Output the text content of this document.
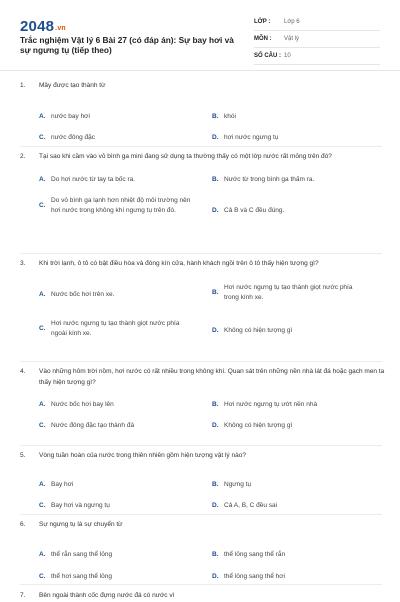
2048.vn
Trắc nghiệm Vật lý 6 Bài 27 (có đáp án): Sự bay hơi và sự ngưng tụ (tiếp theo)
LỚP :	Lớp 6
MÔN :	Vật lý
SỐ CÂU : 10
1.	Mây được tạo thành từ
A. nước bay hơi	B. khói
C. nước đông đặc	D. hơi nước ngưng tụ
2.	Tại sao khi cầm vào vỏ bình ga mini đang sử dụng ta thường thấy có một lớp nước rất mỏng trên đó?
A. Do hơi nước từ tay ta bốc ra.	B. Nước từ trong bình ga thấm ra.
C.
Do vỏ bình ga lạnh hơn nhiệt độ môi trường nên hơi nước trong không khí ngưng tụ trên đó.	D. Cả B và C đều đúng.
3.	Khi trời lạnh, ô tô có bật điều hòa và đóng kín cửa, hành khách ngồi trên ô tô thấy hiện tượng gì?
A. Nước bốc hơi trên xe.	B.
Hơi nước ngưng tụ tạo thành giọt nước phía trong kính xe.
C.
Hơi nước ngưng tụ tạo thành giọt nước phía ngoài kính xe.	D. Không có hiện tượng gì
4.	Vào những hôm trời nồm, hơi nước có rất nhiều trong không khí. Quan sát trên những nền nhà lát đá hoặc gạch men ta thấy hiện tượng gì?
A. Nước bốc hơi bay lên	B. Hơi nước ngưng tụ ướt nền nhà
C. Nước đông đặc tạo thành đá	D. Không có hiện tượng gì
5.	Vòng tuần hoàn của nước trong thiên nhiên gồm hiện tượng vật lý nào?
A. Bay hơi	B. Ngưng tụ
C. Bay hơi và ngưng tụ	D. Cả A, B, C đều sai
6.	Sự ngưng tụ là sự chuyển từ
A. thể rắn sang thể lỏng	B. thể lỏng sang thể rắn
C. thể hơi sang thể lỏng	D. thể lỏng sang thể hơi
7.	Bên ngoài thành cốc đựng nước đá có nước vì
